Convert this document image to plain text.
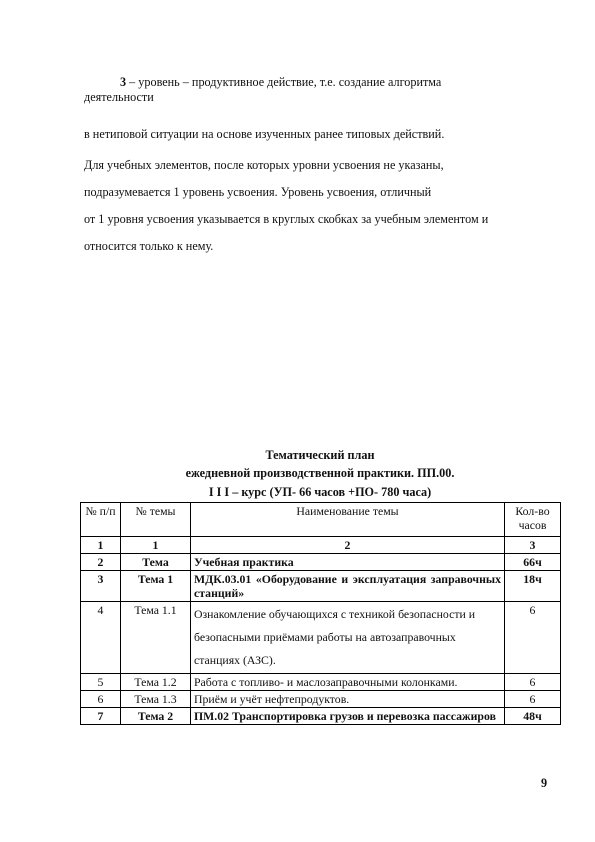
3 – уровень – продуктивное действие, т.е. создание алгоритма
деятельности
в нетиповой ситуации на основе изученных ранее типовых действий.
Для учебных элементов, после которых уровни усвоения не указаны,
подразумевается 1 уровень усвоения. Уровень усвоения, отличный
от 1 уровня усвоения указывается в круглых скобках за учебным элементом и
относится только к нему.
Тематический план
ежедневной производственной практики. ПП.00.
I I I – курс (УП- 66 часов +ПО- 780 часа)
№ п/п	№ темы	Наименование темы	Кол-во часов
1	1	2	3
2	Тема	Учебная практика	66ч
3	Тема 1	МДК.03.01 «Оборудование и эксплуатация заправочных станций»	18ч
4	Тема 1.1	Ознакомление обучающихся с техникой безопасности и безопасными приёмами работы на автозаправочных станциях (АЗС).	6
5	Тема 1.2	Работа с топливо- и маслозаправочными колонками.	6
6	Тема 1.3	Приём и учёт нефтепродуктов.	6
7	Тема 2	ПМ.02 Транспортировка грузов и перевозка пассажиров	48ч
9
